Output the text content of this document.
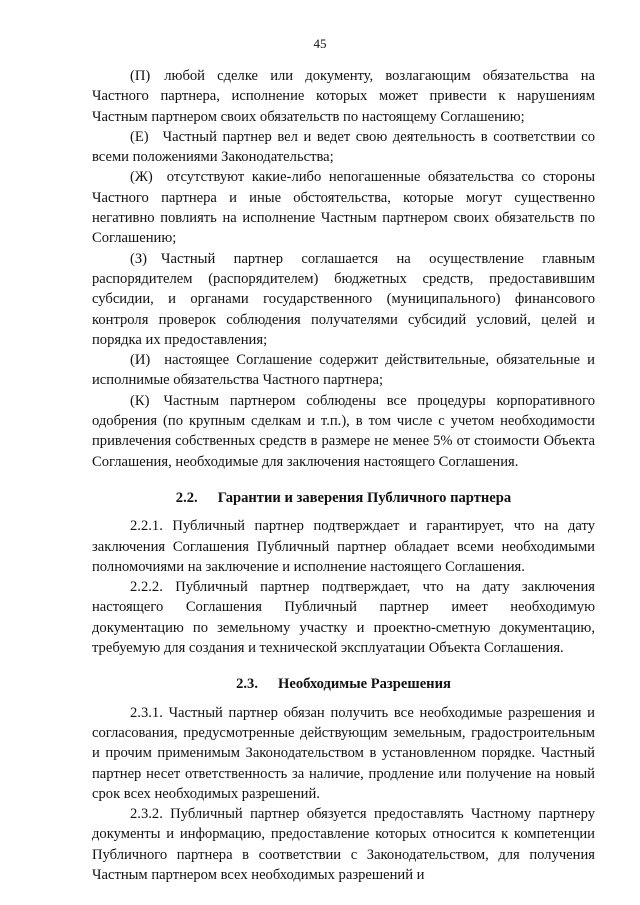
45

(П) любой сделке или документу, возлагающим обязательства на Частного партнера, исполнение которых может привести к нарушениям Частным партнером своих обязательств по настоящему Соглашению;

(Е) Частный партнер вел и ведет свою деятельность в соответствии со всеми положениями Законодательства;

(Ж) отсутствуют какие-либо непогашенные обязательства со стороны Частного партнера и иные обстоятельства, которые могут существенно негативно повлиять на исполнение Частным партнером своих обязательств по Соглашению;

(З) Частный партнер соглашается на осуществление главным распорядителем (распорядителем) бюджетных средств, предоставившим субсидии, и органами государственного (муниципального) финансового контроля проверок соблюдения получателями субсидий условий, целей и порядка их предоставления;

(И) настоящее Соглашение содержит действительные, обязательные и исполнимые обязательства Частного партнера;

(К) Частным партнером соблюдены все процедуры корпоративного одобрения (по крупным сделкам и т.п.), в том числе с учетом необходимости привлечения собственных средств в размере не менее 5% от стоимости Объекта Соглашения, необходимые для заключения настоящего Соглашения.

2.2. Гарантии и заверения Публичного партнера

2.2.1. Публичный партнер подтверждает и гарантирует, что на дату заключения Соглашения Публичный партнер обладает всеми необходимыми полномочиями на заключение и исполнение настоящего Соглашения.

2.2.2. Публичный партнер подтверждает, что на дату заключения настоящего Соглашения Публичный партнер имеет необходимую документацию по земельному участку и проектно-сметную документацию, требуемую для создания и технической эксплуатации Объекта Соглашения.

2.3. Необходимые Разрешения

2.3.1. Частный партнер обязан получить все необходимые разрешения и согласования, предусмотренные действующим земельным, градостроительным и прочим применимым Законодательством в установленном порядке. Частный партнер несет ответственность за наличие, продление или получение на новый срок всех необходимых разрешений.

2.3.2. Публичный партнер обязуется предоставлять Частному партнеру документы и информацию, предоставление которых относится к компетенции Публичного партнера в соответствии с Законодательством, для получения Частным партнером всех необходимых разрешений и
